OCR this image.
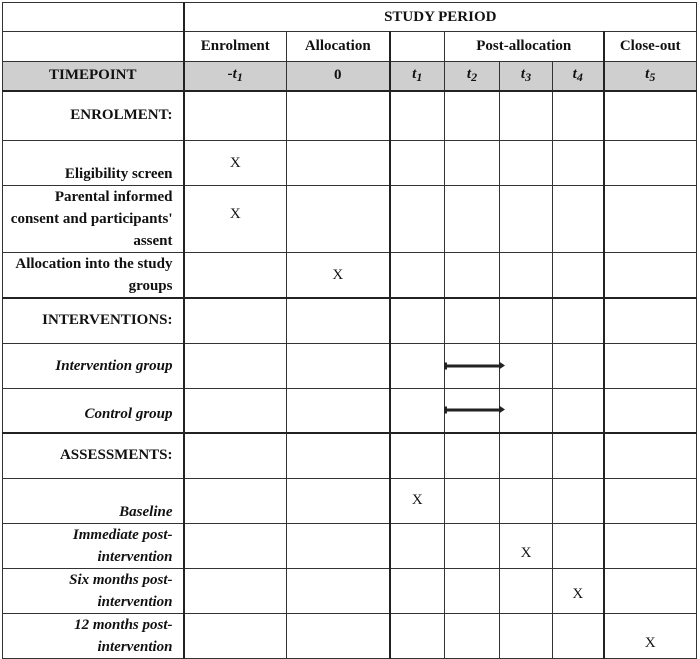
	STUDY PERIOD						
	Enrolment	Allocation		Post-allocation			Close-out
TIMEPOINT	$-t_1$	0	$t_1$	$t_2$	$t_3$	$t_4$	$t_5$
ENROLMENT:							
Eligibility screen	X						
Parental informed consent and participants' assent	X						
Allocation into the study groups		X					
INTERVENTIONS:							
Intervention group				

Control group				

ASSESSMENTS:							
Baseline			X				
Immediate post-intervention					X		
Six months post-intervention						X	
12 months post-intervention							X
